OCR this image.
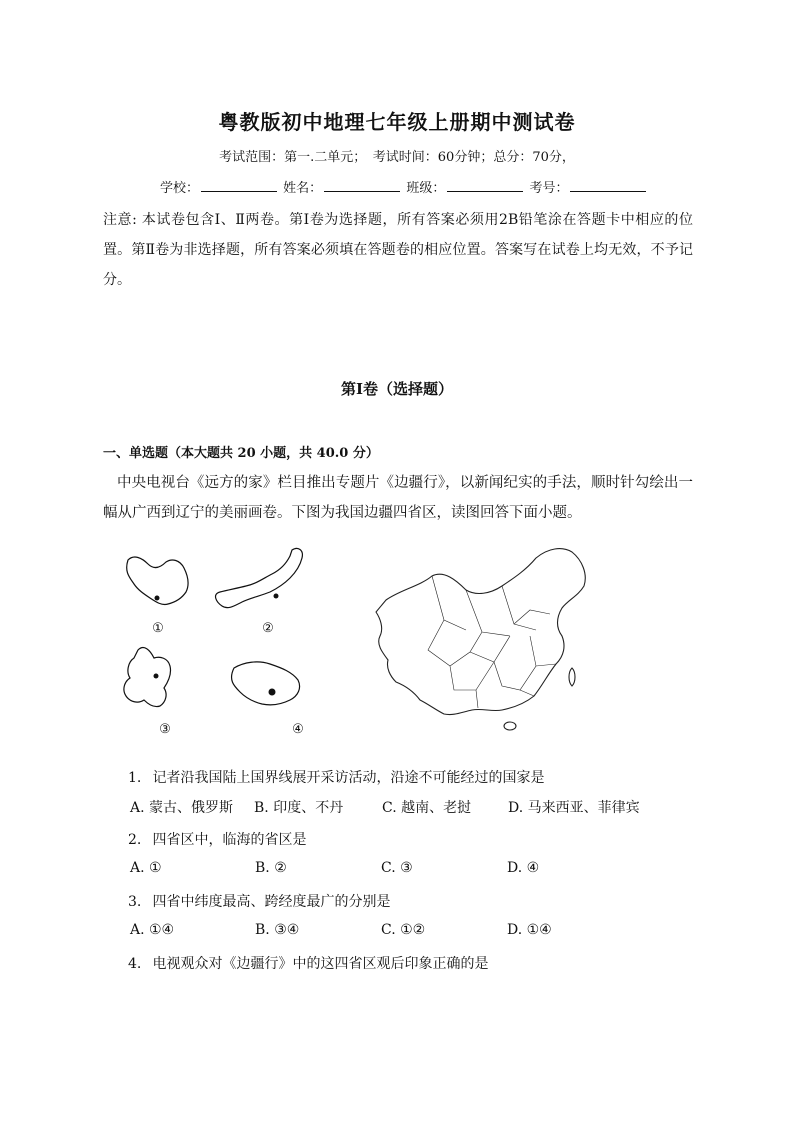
粤教版初中地理七年级上册期中测试卷
考试范围：第一.二单元；　考试时间：60分钟；总分：70分，
学校：	姓名：	班级：	考号：
注意: 本试卷包含Ⅰ、Ⅱ两卷。第Ⅰ卷为选择题，所有答案必须用2B铅笔涂在答题卡中相应的位置。第Ⅱ卷为非选择题，所有答案必须填在答题卷的相应位置。答案写在试卷上均无效，不予记分。
第Ⅰ卷（选择题）
一、单选题（本大题共 20 小题，共 40.0 分）
中央电视台《远方的家》栏目推出专题片《边疆行》，以新闻纪实的手法，顺时针勾绘出一幅从广西到辽宁的美丽画卷。下图为我国边疆四省区，读图回答下面小题。
①	②
③	④
1. 记者沿我国陆上国界线展开采访活动，沿途不可能经过的国家是
A. 蒙古、俄罗斯 B. 印度、不丹	C. 越南、老挝	D. 马来西亚、菲律宾
2. 四省区中，临海的省区是
A. ①	B. ②	C. ③	D. ④
3. 四省中纬度最高、跨经度最广的分别是
A. ①④	B. ③④	C. ①②	D. ①④
4. 电视观众对《边疆行》中的这四省区观后印象正确的是
